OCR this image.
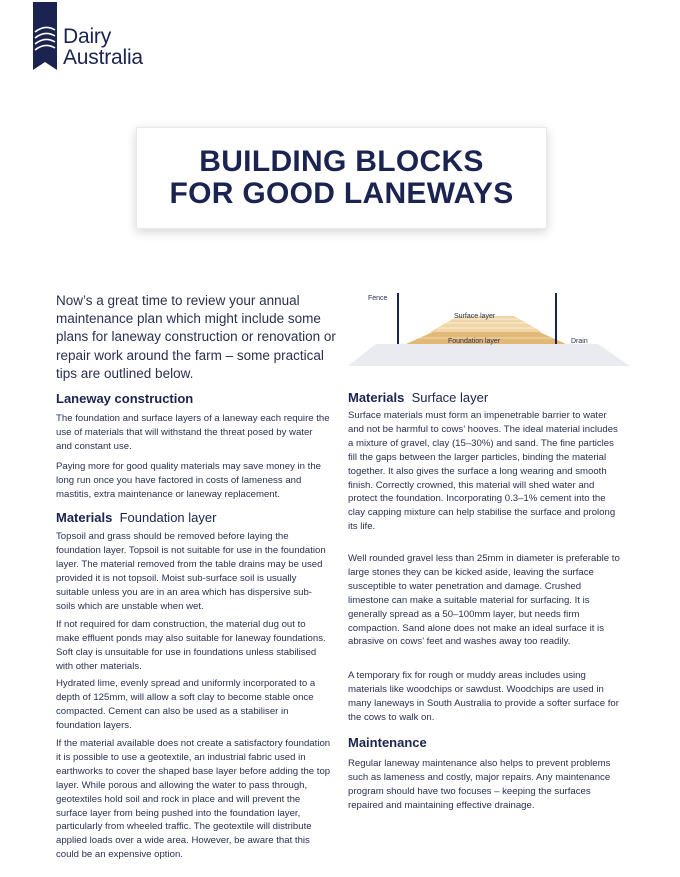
Dairy
Australia
BUILDING BLOCKS
FOR GOOD LANEWAYS
Now’s a great time to review your annual maintenance plan which might include some plans for laneway construction or renovation or repair work around the farm – some practical tips are outlined below.
Fence
Surface layer
Foundation layer	Drain
Laneway construction

The foundation and surface layers of a laneway each require the use of materials that will withstand the threat posed by water and constant use.

Paying more for good quality materials may save money in the long run once you have factored in costs of lameness and mastitis, extra maintenance or laneway replacement.

Materials Foundation layer

Topsoil and grass should be removed before laying the foundation layer. Topsoil is not suitable for use in the foundation layer. The material removed from the table drains may be used provided it is not topsoil. Moist sub-surface soil is usually suitable unless you are in an area which has dispersive sub-soils which are unstable when wet.

If not required for dam construction, the material dug out to make effluent ponds may also suitable for laneway foundations. Soft clay is unsuitable for use in foundations unless stabilised with other materials.

Hydrated lime, evenly spread and uniformly incorporated to a depth of 125mm, will allow a soft clay to become stable once compacted. Cement can also be used as a stabiliser in foundation layers.

If the material available does not create a satisfactory foundation it is possible to use a geotextile, an industrial fabric used in earthworks to cover the shaped base layer before adding the top layer. While porous and allowing the water to pass through, geotextiles hold soil and rock in place and will prevent the surface layer from being pushed into the foundation layer, particularly from wheeled traffic. The geotextile will distribute applied loads over a wide area. However, be aware that this could be an expensive option.

Materials Surface layer

Surface materials must form an impenetrable barrier to water and not be harmful to cows’ hooves. The ideal material includes a mixture of gravel, clay (15–30%) and sand. The fine particles fill the gaps between the larger particles, binding the material together. It also gives the surface a long wearing and smooth finish. Correctly crowned, this material will shed water and protect the foundation. Incorporating 0.3–1% cement into the clay capping mixture can help stabilise the surface and prolong its life.

Well rounded gravel less than 25mm in diameter is preferable to large stones they can be kicked aside, leaving the surface susceptible to water penetration and damage. Crushed limestone can make a suitable material for surfacing. It is generally spread as a 50–100mm layer, but needs firm compaction. Sand alone does not make an ideal surface it is abrasive on cows’ feet and washes away too readily.

A temporary fix for rough or muddy areas includes using materials like woodchips or sawdust. Woodchips are used in many laneways in South Australia to provide a softer surface for the cows to walk on.

Maintenance

Regular laneway maintenance also helps to prevent problems such as lameness and costly, major repairs. Any maintenance program should have two focuses – keeping the surfaces repaired and maintaining effective drainage.
